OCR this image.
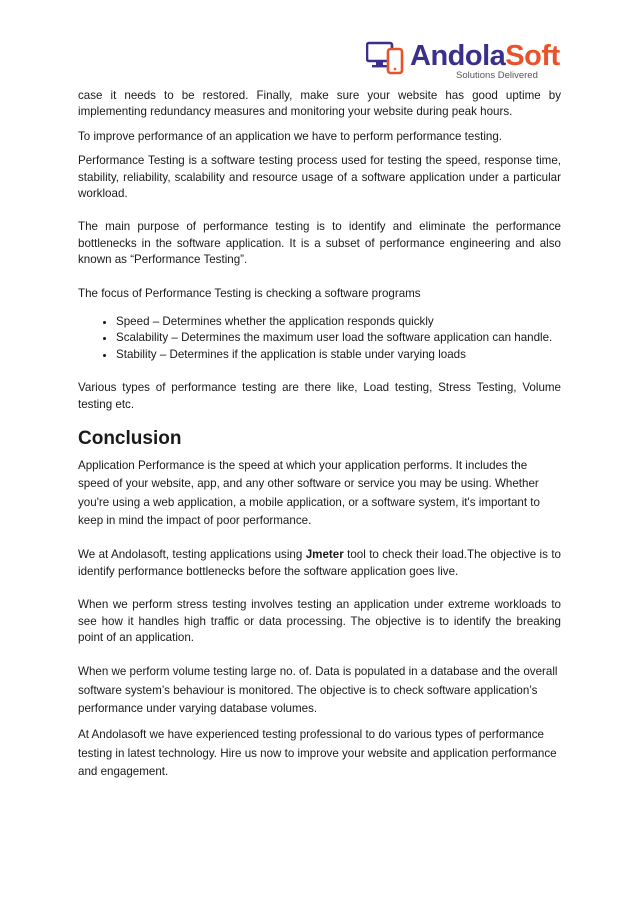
AndolaSoft
Solutions Delivered

case it needs to be restored. Finally, make sure your website has good uptime by implementing redundancy measures and monitoring your website during peak hours.

To improve performance of an application we have to perform performance testing.

Performance Testing is a software testing process used for testing the speed, response time, stability, reliability, scalability and resource usage of a software application under a particular workload.

The main purpose of performance testing is to identify and eliminate the performance bottlenecks in the software application. It is a subset of performance engineering and also known as “Performance Testing”.

The focus of Performance Testing is checking a software programs

• Speed – Determines whether the application responds quickly
• Scalability – Determines the maximum user load the software application can handle.
• Stability – Determines if the application is stable under varying loads

Various types of performance testing are there like, Load testing, Stress Testing, Volume testing etc.

Conclusion

Application Performance is the speed at which your application performs. It includes the speed of your website, app, and any other software or service you may be using. Whether you're using a web application, a mobile application, or a software system, it's important to keep in mind the impact of poor performance.

We at Andolasoft, testing applications using Jmeter tool to check their load.The objective is to identify performance bottlenecks before the software application goes live.

When we perform stress testing involves testing an application under extreme workloads to see how it handles high traffic or data processing. The objective is to identify the breaking point of an application.

When we perform volume testing large no. of. Data is populated in a database and the overall software system’s behaviour is monitored. The objective is to check software application’s performance under varying database volumes.

At Andolasoft we have experienced testing professional to do various types of performance testing in latest technology. Hire us now to improve your website and application performance and engagement.
